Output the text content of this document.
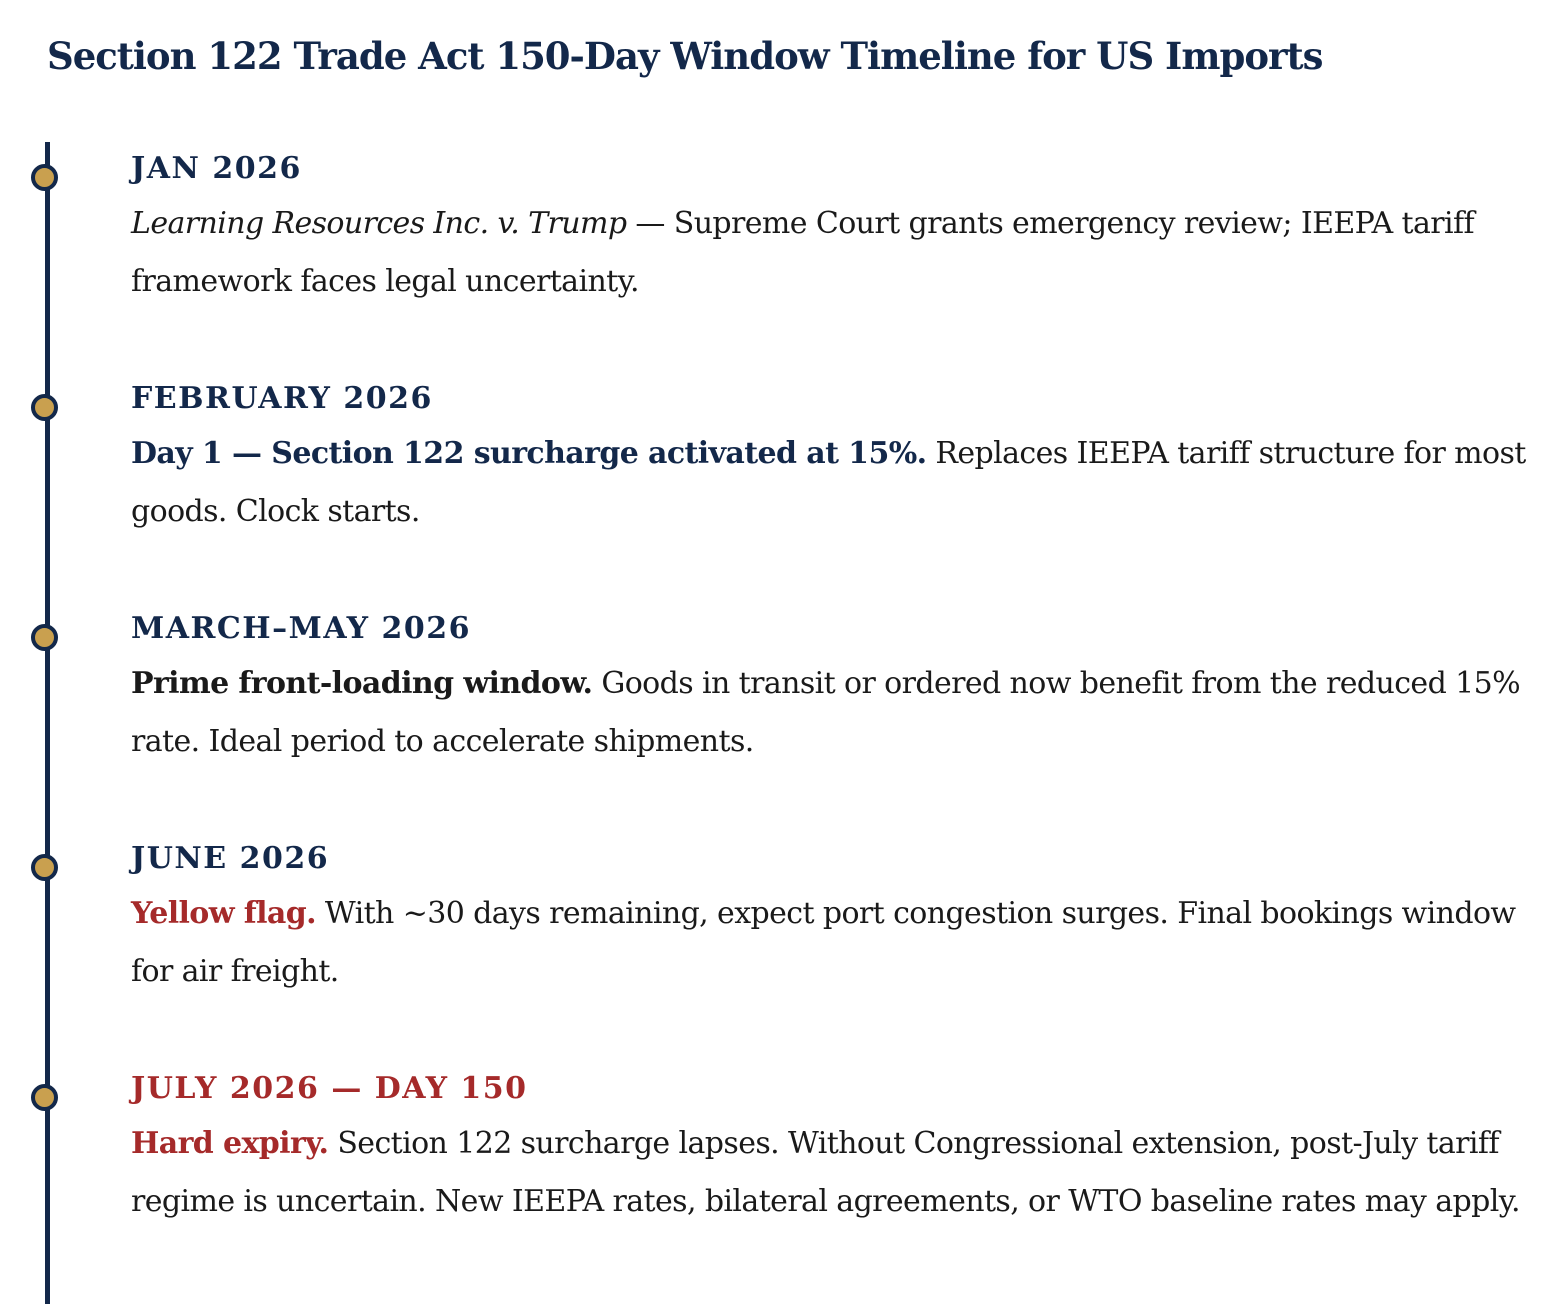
Section 122 Trade Act 150-Day Window Timeline for US Imports
JAN 2026

Learning Resources Inc. v. Trump — Supreme Court grants emergency review; IEEPA tariff framework faces legal uncertainty.

FEBRUARY 2026

Day 1 — Section 122 surcharge activated at 15%. Replaces IEEPA tariff structure for most goods. Clock starts.

MARCH–MAY 2026

Prime front-loading window. Goods in transit or ordered now benefit from the reduced 15% rate. Ideal period to accelerate shipments.

JUNE 2026

Yellow flag. With ~30 days remaining, expect port congestion surges. Final bookings window for air freight.

JULY 2026 — DAY 150

Hard expiry. Section 122 surcharge lapses. Without Congressional extension, post-July tariff regime is uncertain. New IEEPA rates, bilateral agreements, or WTO baseline rates may apply.
